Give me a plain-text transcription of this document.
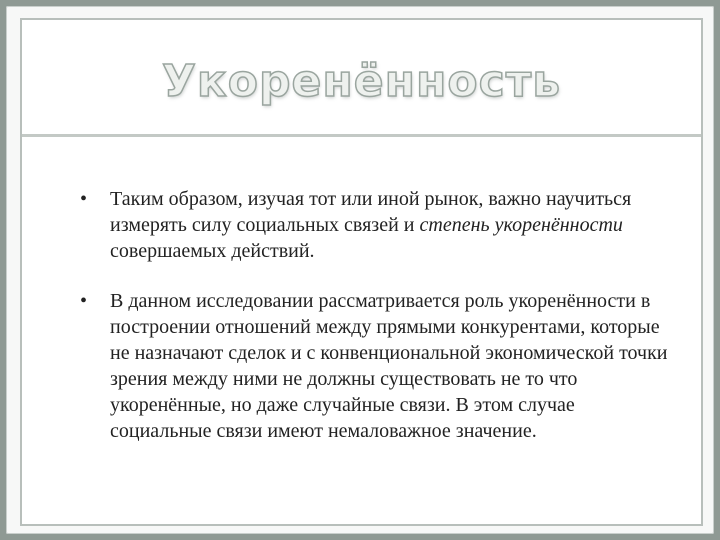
Укоренённость
• Таким образом, изучая тот или иной рынок, важно научиться измерять силу социальных связей и степень укоренённости совершаемых действий.
• В данном исследовании рассматривается роль укоренённости в построении отношений между прямыми конкурентами, которые не назначают сделок и с конвенциональной экономической точки зрения между ними не должны существовать не то что укоренённые, но даже случайные связи. В этом случае социальные связи имеют немаловажное значение.
